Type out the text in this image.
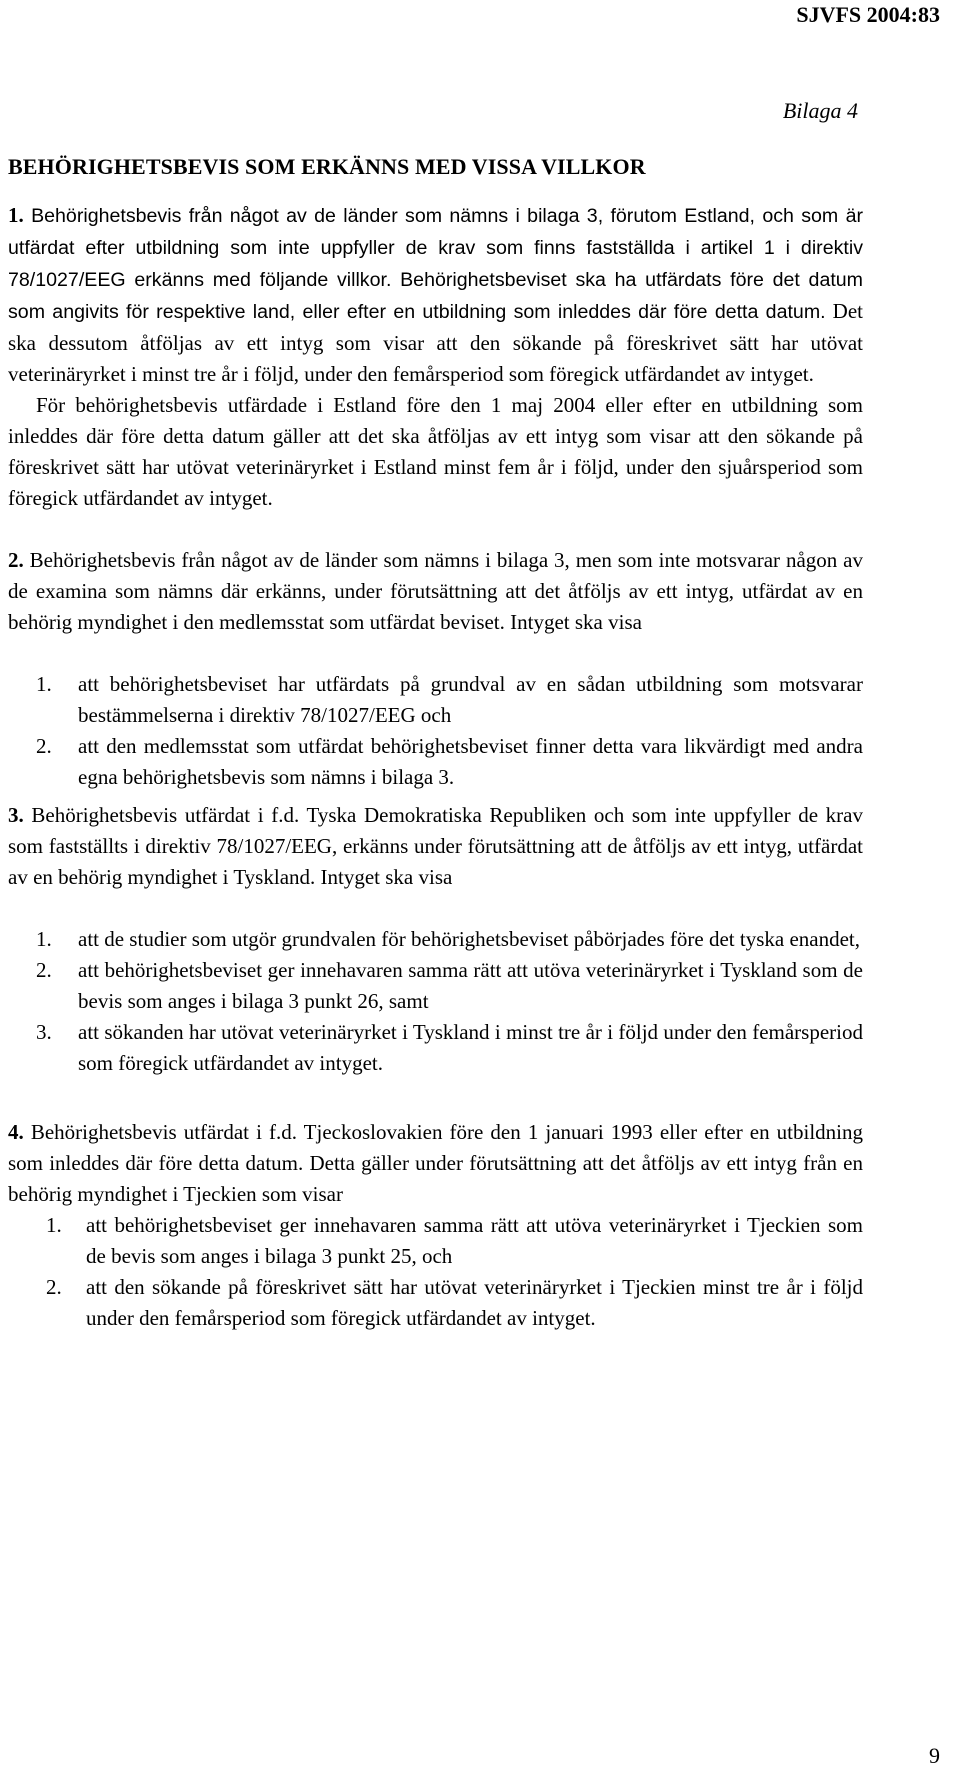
SJVFS 2004:83
Bilaga 4
BEHÖRIGHETSBEVIS SOM ERKÄNNS MED VISSA VILLKOR

1. Behörighetsbevis från något av de länder som nämns i bilaga 3, förutom Estland, och som är utfärdat efter utbildning som inte uppfyller de krav som finns fastställda i artikel 1 i direktiv 78/1027/EEG erkänns med följande villkor. Behörighetsbeviset ska ha utfärdats före det datum som angivits för respektive land, eller efter en utbildning som inleddes där före detta datum. Det ska dessutom åtföljas av ett intyg som visar att den sökande på föreskrivet sätt har utövat veterinäryrket i minst tre år i följd, under den femårsperiod som föregick utfärdandet av intyget.

För behörighetsbevis utfärdade i Estland före den 1 maj 2004 eller efter en utbildning som inleddes där före detta datum gäller att det ska åtföljas av ett intyg som visar att den sökande på föreskrivet sätt har utövat veterinäryrket i Estland minst fem år i följd, under den sjuårsperiod som föregick utfärdandet av intyget.

2. Behörighetsbevis från något av de länder som nämns i bilaga 3, men som inte motsvarar någon av de examina som nämns där erkänns, under förutsättning att det åtföljs av ett intyg, utfärdat av en behörig myndighet i den medlemsstat som utfärdat beviset. Intyget ska visa

1. att behörighetsbeviset har utfärdats på grundval av en sådan utbildning som motsvarar bestämmelserna i direktiv 78/1027/EEG och
2. att den medlemsstat som utfärdat behörighetsbeviset finner detta vara likvärdigt med andra egna behörighetsbevis som nämns i bilaga 3.

3. Behörighetsbevis utfärdat i f.d. Tyska Demokratiska Republiken och som inte uppfyller de krav som fastställts i direktiv 78/1027/EEG, erkänns under förutsättning att de åtföljs av ett intyg, utfärdat av en behörig myndighet i Tyskland. Intyget ska visa

1. att de studier som utgör grundvalen för behörighetsbeviset påbörjades före det tyska enandet,
2. att behörighetsbeviset ger innehavaren samma rätt att utöva veterinäryrket i Tyskland som de bevis som anges i bilaga 3 punkt 26, samt
3. att sökanden har utövat veterinäryrket i Tyskland i minst tre år i följd under den femårsperiod som föregick utfärdandet av intyget.

4. Behörighetsbevis utfärdat i f.d. Tjeckoslovakien före den 1 januari 1993 eller efter en utbildning som inleddes där före detta datum. Detta gäller under förutsättning att det åtföljs av ett intyg från en behörig myndighet i Tjeckien som visar

1. att behörighetsbeviset ger innehavaren samma rätt att utöva veterinäryrket i Tjeckien som de bevis som anges i bilaga 3 punkt 25, och
2. att den sökande på föreskrivet sätt har utövat veterinäryrket i Tjeckien minst tre år i följd under den femårsperiod som föregick utfärdandet av intyget.
9
